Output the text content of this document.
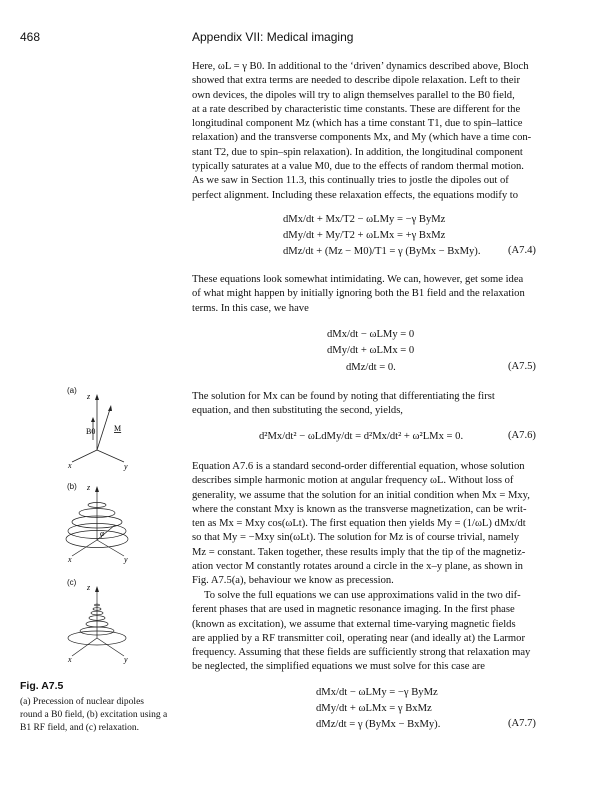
468	Appendix VII: Medical imaging
Here, ωL = γ B0. In additional to the ‘driven’ dynamics described above, Bloch
showed that extra terms are needed to describe dipole relaxation. Left to their
own devices, the dipoles will try to align themselves parallel to the B0 field,
at a rate described by characteristic time constants. These are different for the
longitudinal component Mz (which has a time constant T1, due to spin–lattice
relaxation) and the transverse components Mx, and My (which have a time con-
stant T2, due to spin–spin relaxation). In addition, the longitudinal component
typically saturates at a value M0, due to the effects of random thermal motion.
As we saw in Section 11.3, this continually tries to jostle the dipoles out of
perfect alignment. Including these relaxation effects, the equations modify to
dMx/dt + Mx/T2 − ωLMy = −γ ByMz
dMy/dt + My/T2 + ωLMx = +γ BxMz
dMz/dt + (Mz − M0)/T1 = γ (ByMx − BxMy).	(A7.4)
These equations look somewhat intimidating. We can, however, get some idea
of what might happen by initially ignoring both the B1 field and the relaxation
terms. In this case, we have
dMx/dt − ωLMy = 0
dMy/dt + ωLMx = 0
dMz/dt = 0.	(A7.5)
The solution for Mx can be found by noting that differentiating the first
equation, and then substituting the second, yields,
d²Mx/dt² − ωLdMy/dt = d²Mx/dt² + ω²LMx = 0.	(A7.6)
Equation A7.6 is a standard second-order differential equation, whose solution
describes simple harmonic motion at angular frequency ωL. Without loss of
generality, we assume that the solution for an initial condition when Mx = Mxy,
where the constant Mxy is known as the transverse magnetization, can be writ-
ten as Mx = Mxy cos(ωLt). The first equation then yields My = (1/ωL) dMx/dt
so that My = −Mxy sin(ωLt). The solution for Mz is of course trivial, namely
Mz = constant. Taken together, these results imply that the tip of the magnetiz-
ation vector M constantly rotates around a circle in the x–y plane, as shown in
Fig. A7.5(a), behaviour we know as precession.
To solve the full equations we can use approximations valid in the two dif-
ferent phases that are used in magnetic resonance imaging. In the first phase
(known as excitation), we assume that external time-varying magnetic fields
are applied by a RF transmitter coil, operating near (and ideally at) the Larmor
frequency. Assuming that these fields are sufficiently strong that relaxation may
be neglected, the simplified equations we must solve for this case are
dMx/dt − ωLMy = −γ ByMz
dMy/dt + ωLMx = γ BxMz
dMz/dt = γ (ByMx − BxMy).	(A7.7)
(a)
(b)
(c)
z
x	y
B0 M
z
x	y
φ
z
x	y
Fig. A7.5
(a) Precession of nuclear dipoles
round a B0 field, (b) excitation using a
B1 RF field, and (c) relaxation.
